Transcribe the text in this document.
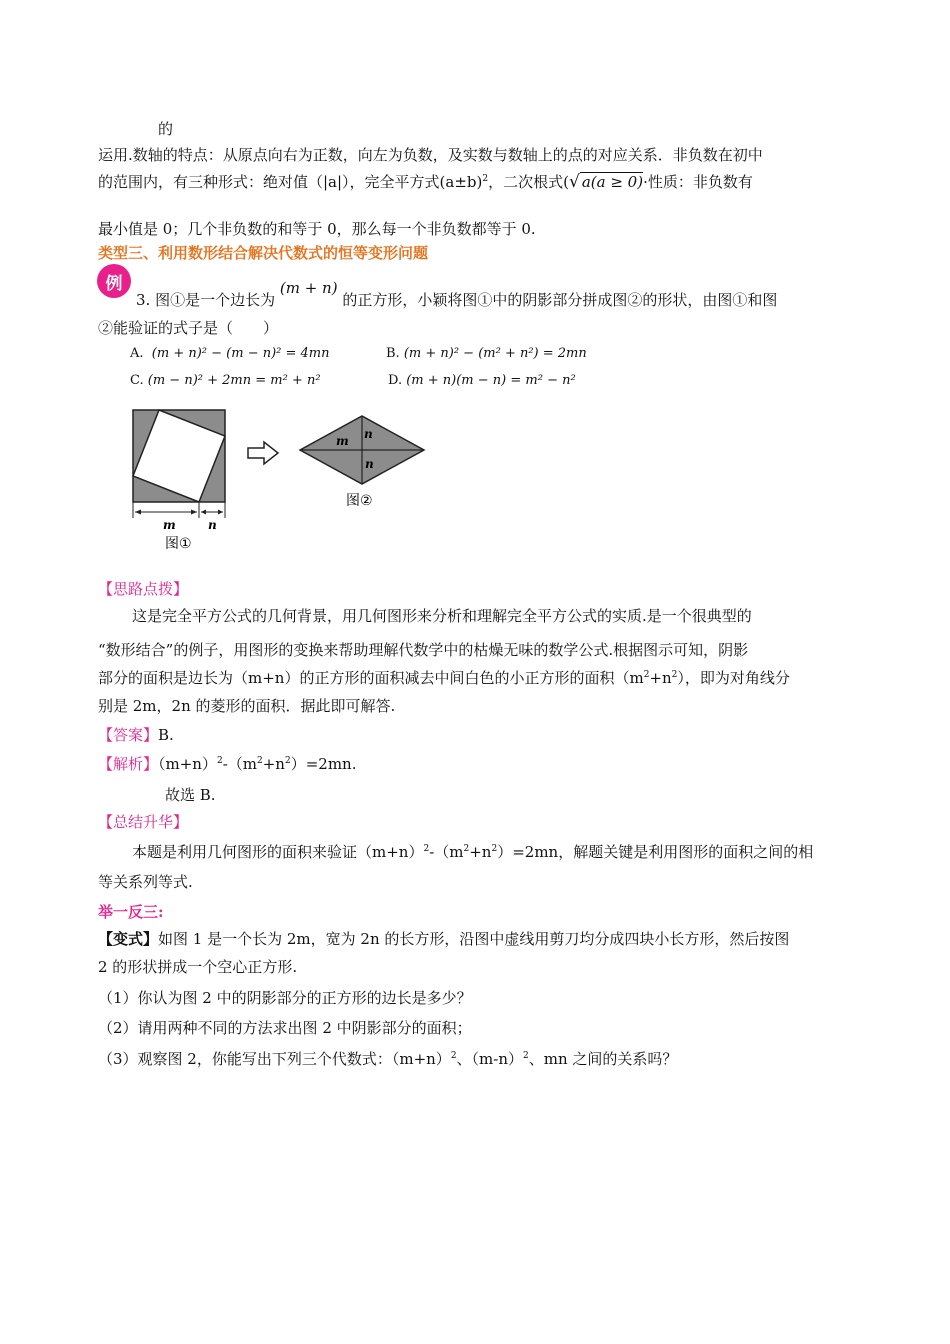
的
运用.数轴的特点：从原点向右为正数，向左为负数，及实数与数轴上的点的对应关系．非负数在初中
的范围内，有三种形式：绝对值（|a|），完全平方式$(a\pm b)^2$，二次根式(√ a(a ≥ 0)·性质：非负数有
最小值是 0；几个非负数的和等于 0，那么每一个非负数都等于 0.
类型三、利用数形结合解决代数式的恒等变形问题
例
3. 图①是一个边长为 (m + n) 的正方形，小颖将图①中的阴影部分拼成图②的形状，由图①和图
②能验证的式子是（　　）
A. (m + n)² − (m − n)² = 4mn	B. (m + n)² − (m² + n²) = 2mn
C. (m − n)² + 2mn = m² + n²	D. (m + n)(m − n) = m² − n²
m	n
图①
m n
n
图②
【思路点拨】
这是完全平方公式的几何背景，用几何图形来分析和理解完全平方公式的实质.是一个很典型的
“数形结合”的例子，用图形的变换来帮助理解代数学中的枯燥无味的数学公式.根据图示可知，阴影
部分的面积是边长为（m+n）的正方形的面积减去中间白色的小正方形的面积$(m^2+n^2)$，即为对角线分
别是 2m，2n 的菱形的面积．据此即可解答.
【答案】B.
【解析】$(m+n)^2-(m^2+n^2)=2mn$.
故选 B.
【总结升华】
本题是利用几何图形的面积来验证$(m+n)^2-(m^2+n^2)=2mn$，解题关键是利用图形的面积之间的相
等关系列等式.
举一反三:
【变式】如图 1 是一个长为 2m，宽为 2n 的长方形，沿图中虚线用剪刀均分成四块小长方形，然后按图
2 的形状拼成一个空心正方形.
（1）你认为图 2 中的阴影部分的正方形的边长是多少？
（2）请用两种不同的方法求出图 2 中阴影部分的面积；
（3）观察图 2，你能写出下列三个代数式：$(m+n)^2$、$(m-n)^2$、mn 之间的关系吗？
